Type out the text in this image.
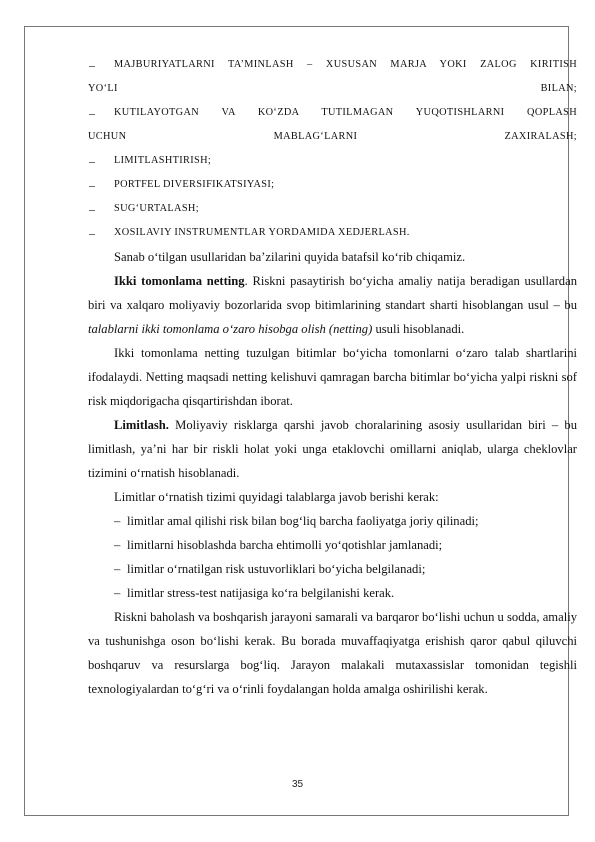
– MAJBURIYATLARNI TA’MINLASH – XUSUSAN MARJA YOKI ZALOG KIRITISH
YO‘LI BILAN;
– KUTILAYOTGAN VA KO‘ZDA TUTILMAGAN YUQOTISHLARNI QOPLASH
UCHUN MABLAG‘LARNI ZAXIRALASH;
– LIMITLASHTIRISH;
– PORTFEL DIVERSIFIKATSIYASI;
– SUG‘URTALASH;
– XOSILAVIY INSTRUMENTLAR YORDAMIDA XEDJERLASH.

Sanab o‘tilgan usullaridan ba’zilarini quyida batafsil ko‘rib chiqamiz.

Ikki tomonlama netting. Riskni pasaytirish bo‘yicha amaliy natija beradigan usullardan biri va xalqaro moliyaviy bozorlarida svop bitimlarining standart sharti hisoblangan usul – bu talablarni ikki tomonlama o‘zaro hisobga olish (netting) usuli hisoblanadi.

Ikki tomonlama netting tuzulgan bitimlar bo‘yicha tomonlarni o‘zaro talab shartlarini ifodalaydi. Netting maqsadi netting kelishuvi qamragan barcha bitimlar bo‘yicha yalpi riskni sof risk miqdorigacha qisqartirishdan iborat.

Limitlash. Moliyaviy risklarga qarshi javob choralarining asosiy usullaridan biri – bu limitlash, ya’ni har bir riskli holat yoki unga etaklovchi omillarni aniqlab, ularga cheklovlar tizimini o‘rnatish hisoblanadi.

Limitlar o‘rnatish tizimi quyidagi talablarga javob berishi kerak:

– limitlar amal qilishi risk bilan bog‘liq barcha faoliyatga joriy qilinadi;
– limitlarni hisoblashda barcha ehtimolli yo‘qotishlar jamlanadi;
– limitlar o‘rnatilgan risk ustuvorliklari bo‘yicha belgilanadi;
– limitlar stress-test natijasiga ko‘ra belgilanishi kerak.

Riskni baholash va boshqarish jarayoni samarali va barqaror bo‘lishi uchun u sodda, amaliy va tushunishga oson bo‘lishi kerak. Bu borada muvaffaqiyatga erishish qaror qabul qiluvchi boshqaruv va resurslarga bog‘liq. Jarayon malakali mutaxassislar tomonidan tegishli texnologiyalardan to‘g‘ri va o‘rinli foydalangan holda amalga oshirilishi kerak.

35
